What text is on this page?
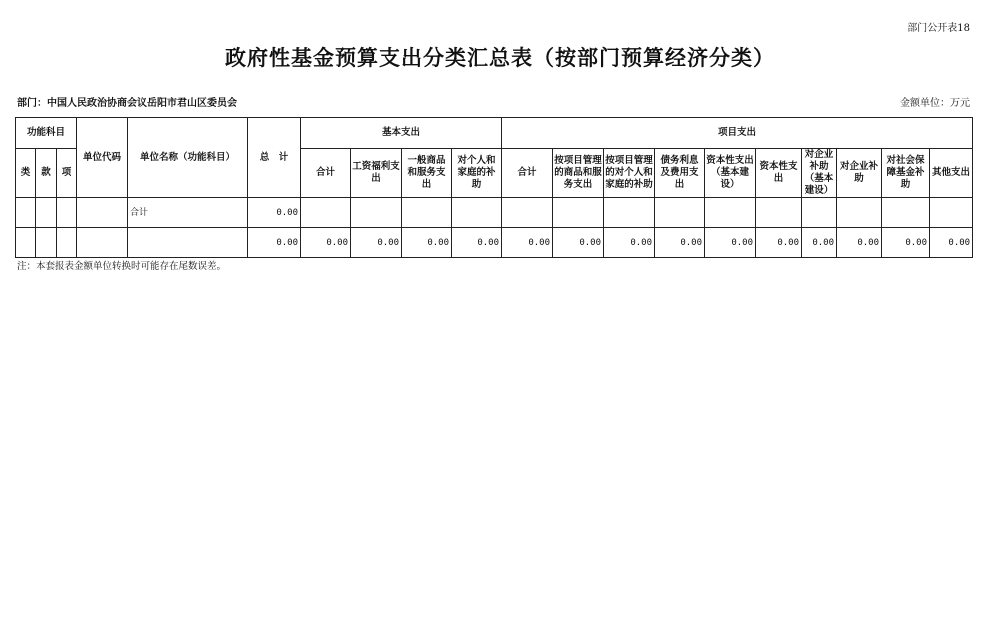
部门公开表18
政府性基金预算支出分类汇总表（按部门预算经济分类）
部门：中国人民政治协商会议岳阳市君山区委员会	金额单位：万元
功能科目			单位代码	单位名称（功能科目）	总　计	基本支出				项目支出									
类	款	项				合计	工资福利支出	一般商品和服务支出	对个人和家庭的补助	合计	按项目管理的商品和服务支出	按项目管理的对个人和家庭的补助	债务利息及费用支出	资本性支出（基本建设）	资本性支出	对企业补助（基本建设）	对企业补助	对社会保障基金补助	其他支出
				合计	0.00														
					0.00	0.00	0.00	0.00	0.00	0.00	0.00	0.00	0.00	0.00	0.00	0.00	0.00	0.00	0.00
注：本套报表金额单位转换时可能存在尾数误差。
